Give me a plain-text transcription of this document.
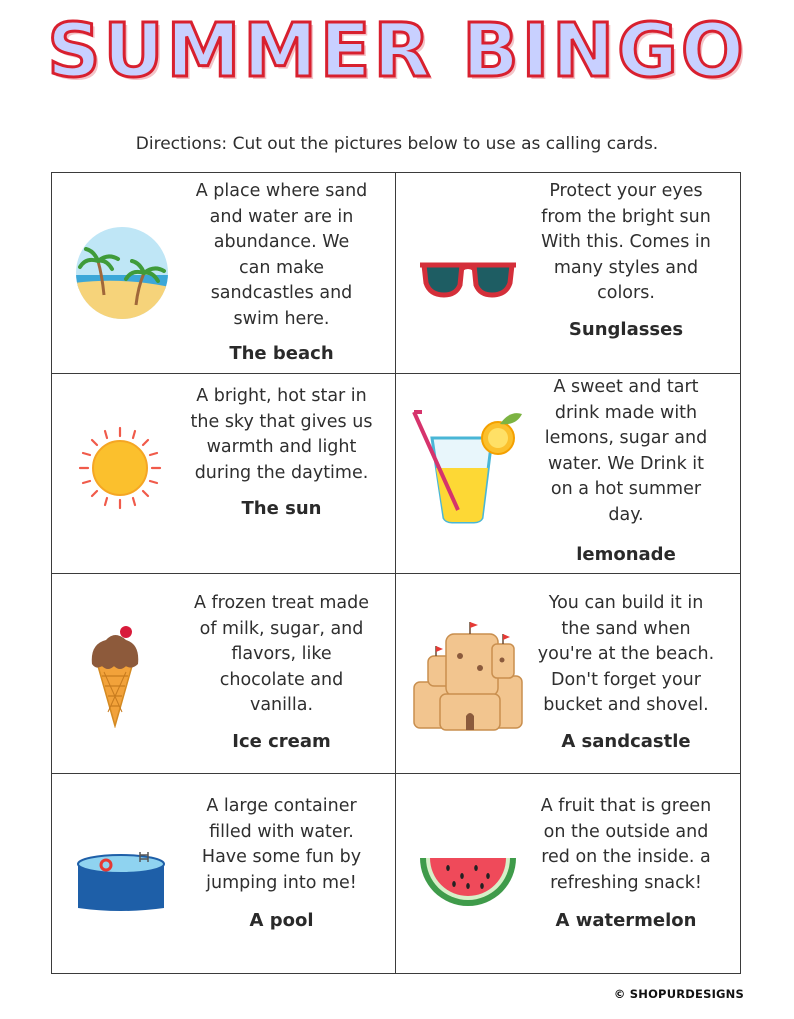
SUMMER BINGO
Directions: Cut out the pictures below to use as calling cards.
A place where sand
and water are in
abundance. We
can make
sandcastles and
swim here.
The beach
Protect your eyes
from the bright sun
With this. Comes in
many styles and
colors.
Sunglasses
A bright, hot star in
the sky that gives us
warmth and light
during the daytime.
The sun
A sweet and tart
drink made with
lemons, sugar and
water. We Drink it
on a hot summer
day.
lemonade
A frozen treat made
of milk, sugar, and
flavors, like
chocolate and
vanilla.
Ice cream
You can build it in
the sand when
you're at the beach.
Don't forget your
bucket and shovel.
A sandcastle
A large container
filled with water.
Have some fun by
jumping into me!
A pool
A fruit that is green
on the outside and
red on the inside. a
refreshing snack!
A watermelon
© SHOPURDESIGNS
